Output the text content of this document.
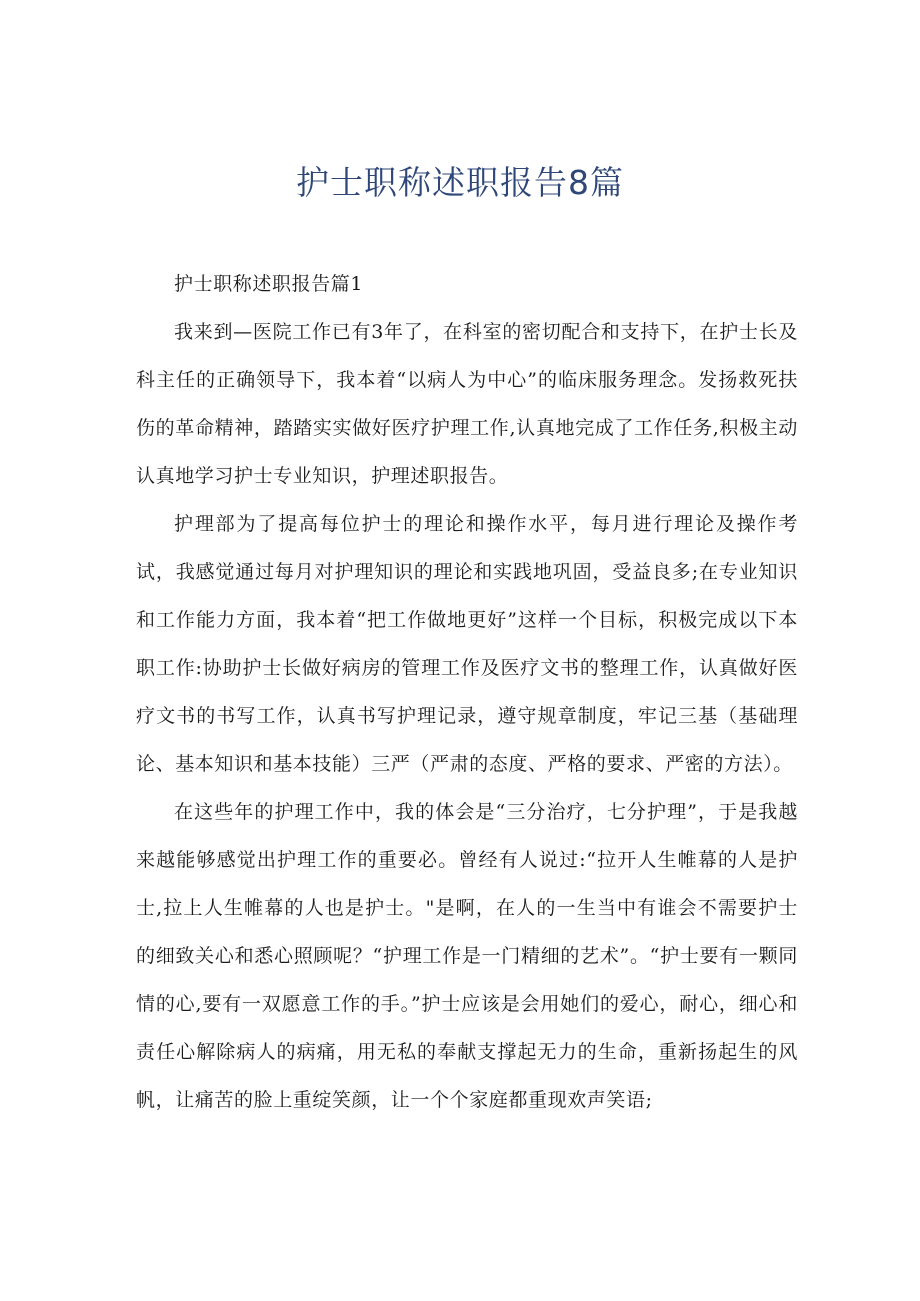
护士职称述职报告8篇

护士职称述职报告篇1

我来到—医院工作已有3年了，在科室的密切配合和支持下，在护士长及科主任的正确领导下，我本着“以病人为中心”的临床服务理念。发扬救死扶伤的革命精神，踏踏实实做好医疗护理工作,认真地完成了工作任务,积极主动认真地学习护士专业知识，护理述职报告。

护理部为了提高每位护士的理论和操作水平，每月进行理论及操作考试，我感觉通过每月对护理知识的理论和实践地巩固，受益良多;在专业知识和工作能力方面，我本着“把工作做地更好”这样一个目标，积极完成以下本职工作:协助护士长做好病房的管理工作及医疗文书的整理工作，认真做好医疗文书的书写工作，认真书写护理记录，遵守规章制度，牢记三基（基础理论、基本知识和基本技能）三严（严肃的态度、严格的要求、严密的方法）。

在这些年的护理工作中，我的体会是“三分治疗，七分护理”，于是我越来越能够感觉出护理工作的重要必。曾经有人说过:“拉开人生帷幕的人是护士,拉上人生帷幕的人也是护士。"是啊，在人的一生当中有谁会不需要护士的细致关心和悉心照顾呢？“护理工作是一门精细的艺术”。“护士要有一颗同情的心,要有一双愿意工作的手。”护士应该是会用她们的爱心，耐心，细心和责任心解除病人的病痛，用无私的奉献支撑起无力的生命，重新扬起生的风帆，让痛苦的脸上重绽笑颜，让一个个家庭都重现欢声笑语;
